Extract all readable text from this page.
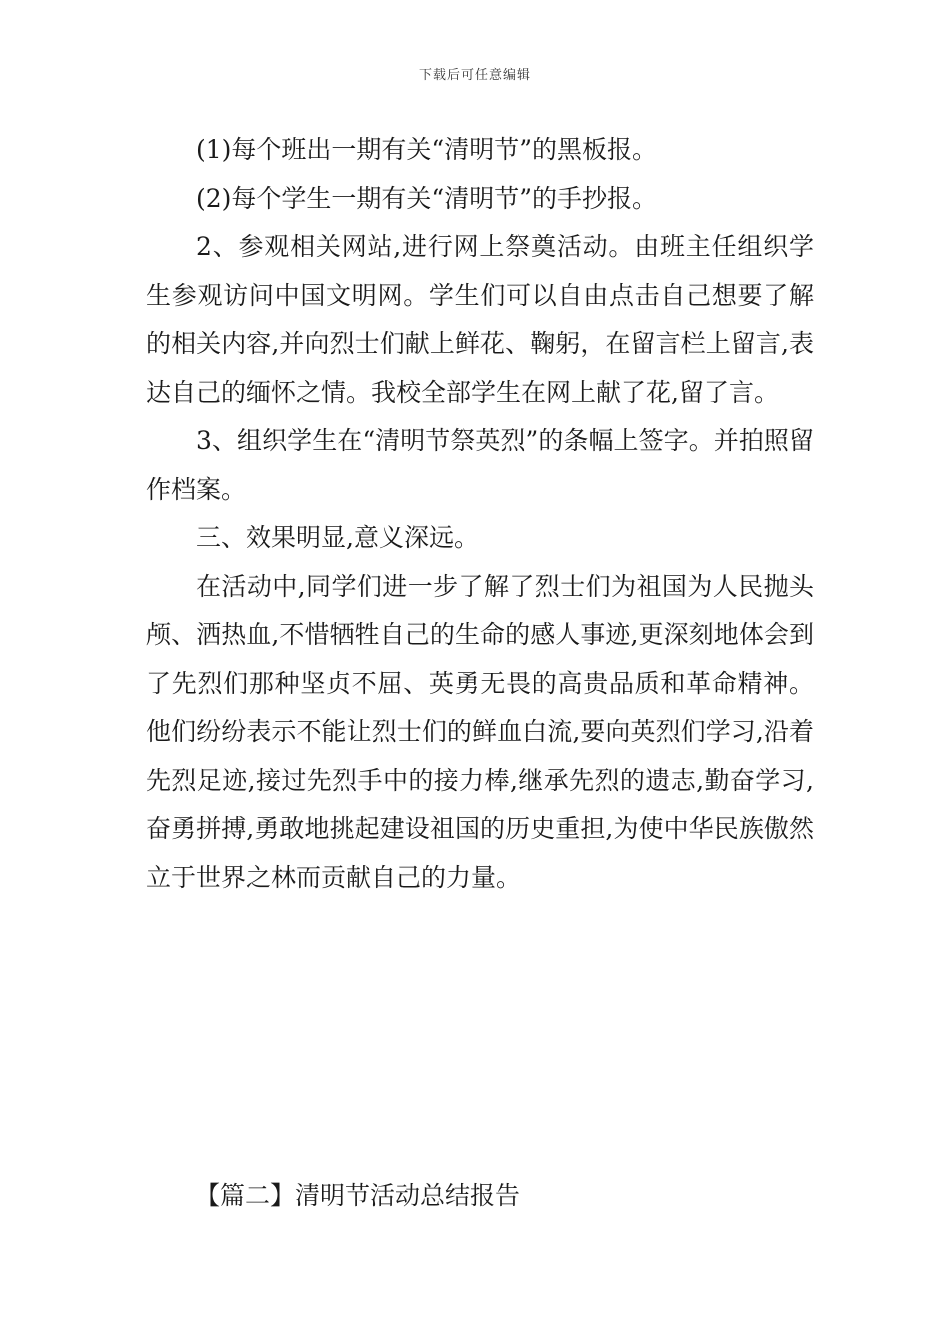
下载后可任意编辑

(1)每个班出一期有关“清明节”的黑板报。

(2)每个学生一期有关“清明节”的手抄报。

2、参观相关网站,进行网上祭奠活动。由班主任组织学生参观访问中国文明网。学生们可以自由点击自己想要了解的相关内容,并向烈士们献上鲜花、鞠躬，在留言栏上留言,表达自己的缅怀之情。我校全部学生在网上献了花,留了言。

3、组织学生在“清明节祭英烈”的条幅上签字。并拍照留作档案。

三、效果明显,意义深远。

在活动中,同学们进一步了解了烈士们为祖国为人民抛头颅、洒热血,不惜牺牲自己的生命的感人事迹,更深刻地体会到了先烈们那种坚贞不屈、英勇无畏的高贵品质和革命精神。他们纷纷表示不能让烈士们的鲜血白流,要向英烈们学习,沿着先烈足迹,接过先烈手中的接力棒,继承先烈的遗志,勤奋学习,奋勇拼搏,勇敢地挑起建设祖国的历史重担,为使中华民族傲然立于世界之林而贡献自己的力量。

【篇二】清明节活动总结报告
